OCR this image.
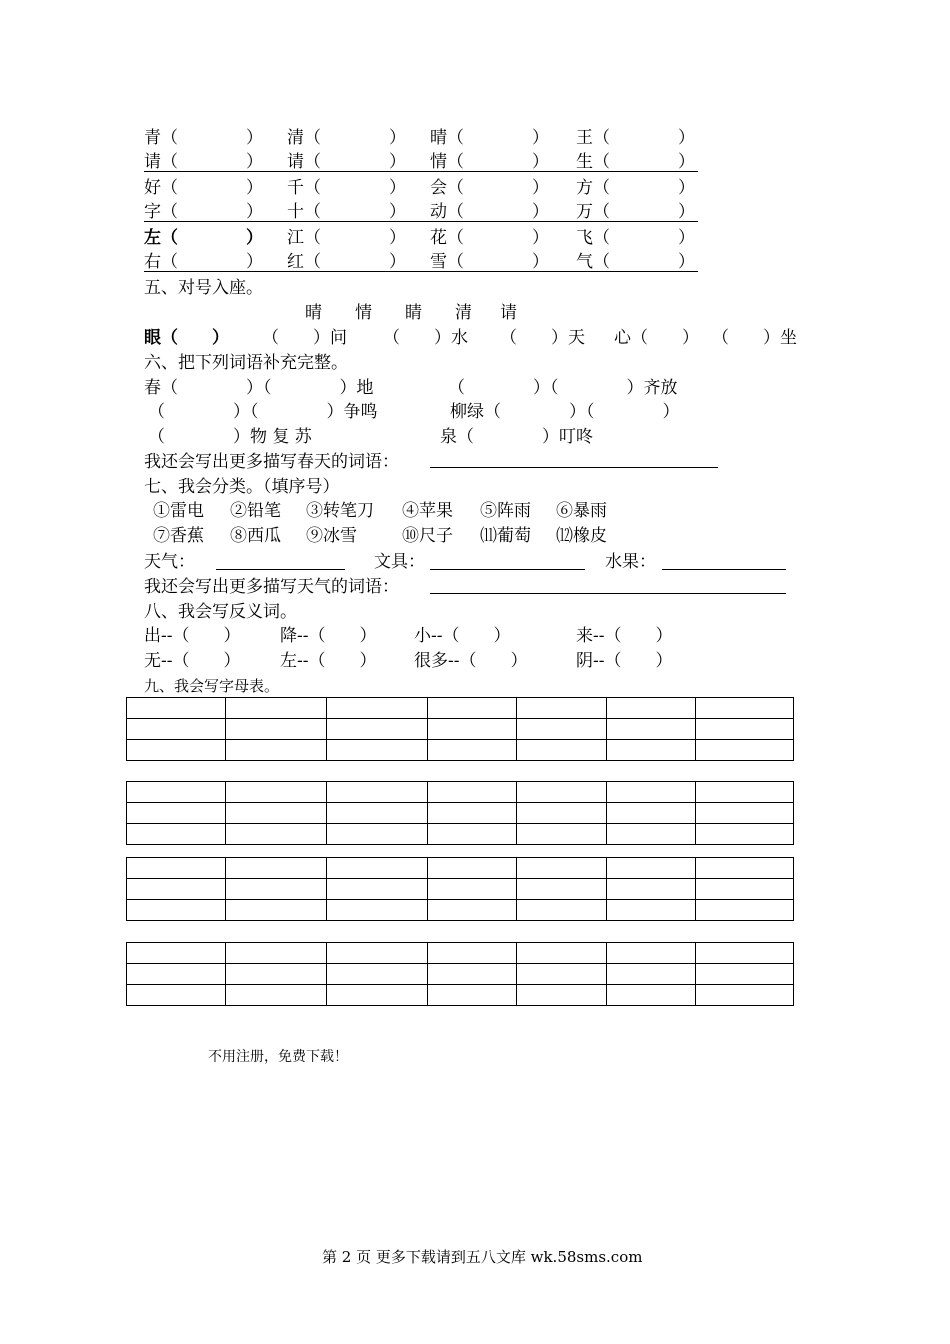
青（　　　　） 清（　　　　） 晴（　　　　） 王（　　　　）
请（　　　　） 请（　　　　） 情（　　　　） 生（　　　　）
好（　　　　） 千（　　　　） 会（　　　　） 方（　　　　）
字（　　　　） 十（　　　　） 动（　　　　） 万（　　　　）
左（　　　　） 江（　　　　） 花（　　　　） 飞（　　　　）
右（　　　　） 红（　　　　） 雪（　　　　） 气（　　　　）
五、对号入座。
晴 情 睛 清 请
眼（　　） （　　）问 （　　）水 （　　）天 心（　　） （　　）坐
六、把下列词语补充完整。
春（　　　　）（　　　　）地	（　　　　）（　　　　）齐放
（　　　　）（　　　　）争鸣	柳绿（　　　　）（　　　　）
（　　　　）物 复 苏	泉（　　　　）叮咚
我还会写出更多描写春天的词语：
七、我会分类。（填序号）
①雷电 ②铅笔 ③转笔刀 ④苹果 ⑤阵雨 ⑥暴雨
⑦香蕉 ⑧西瓜 ⑨冰雪	⑩尺子 ⑾葡萄 ⑿橡皮
天气：	文具：	水果：
我还会写出更多描写天气的词语：
八、我会写反义词。
出--（　　） 降--（　　） 小--（　　）	来--（　　）
无--（　　） 左--（　　） 很多--（　　）	阴--（　　）
九、我会写字母表。

不用注册，免费下载！
第 2 页 更多下载请到五八文库 wk.58sms.com
